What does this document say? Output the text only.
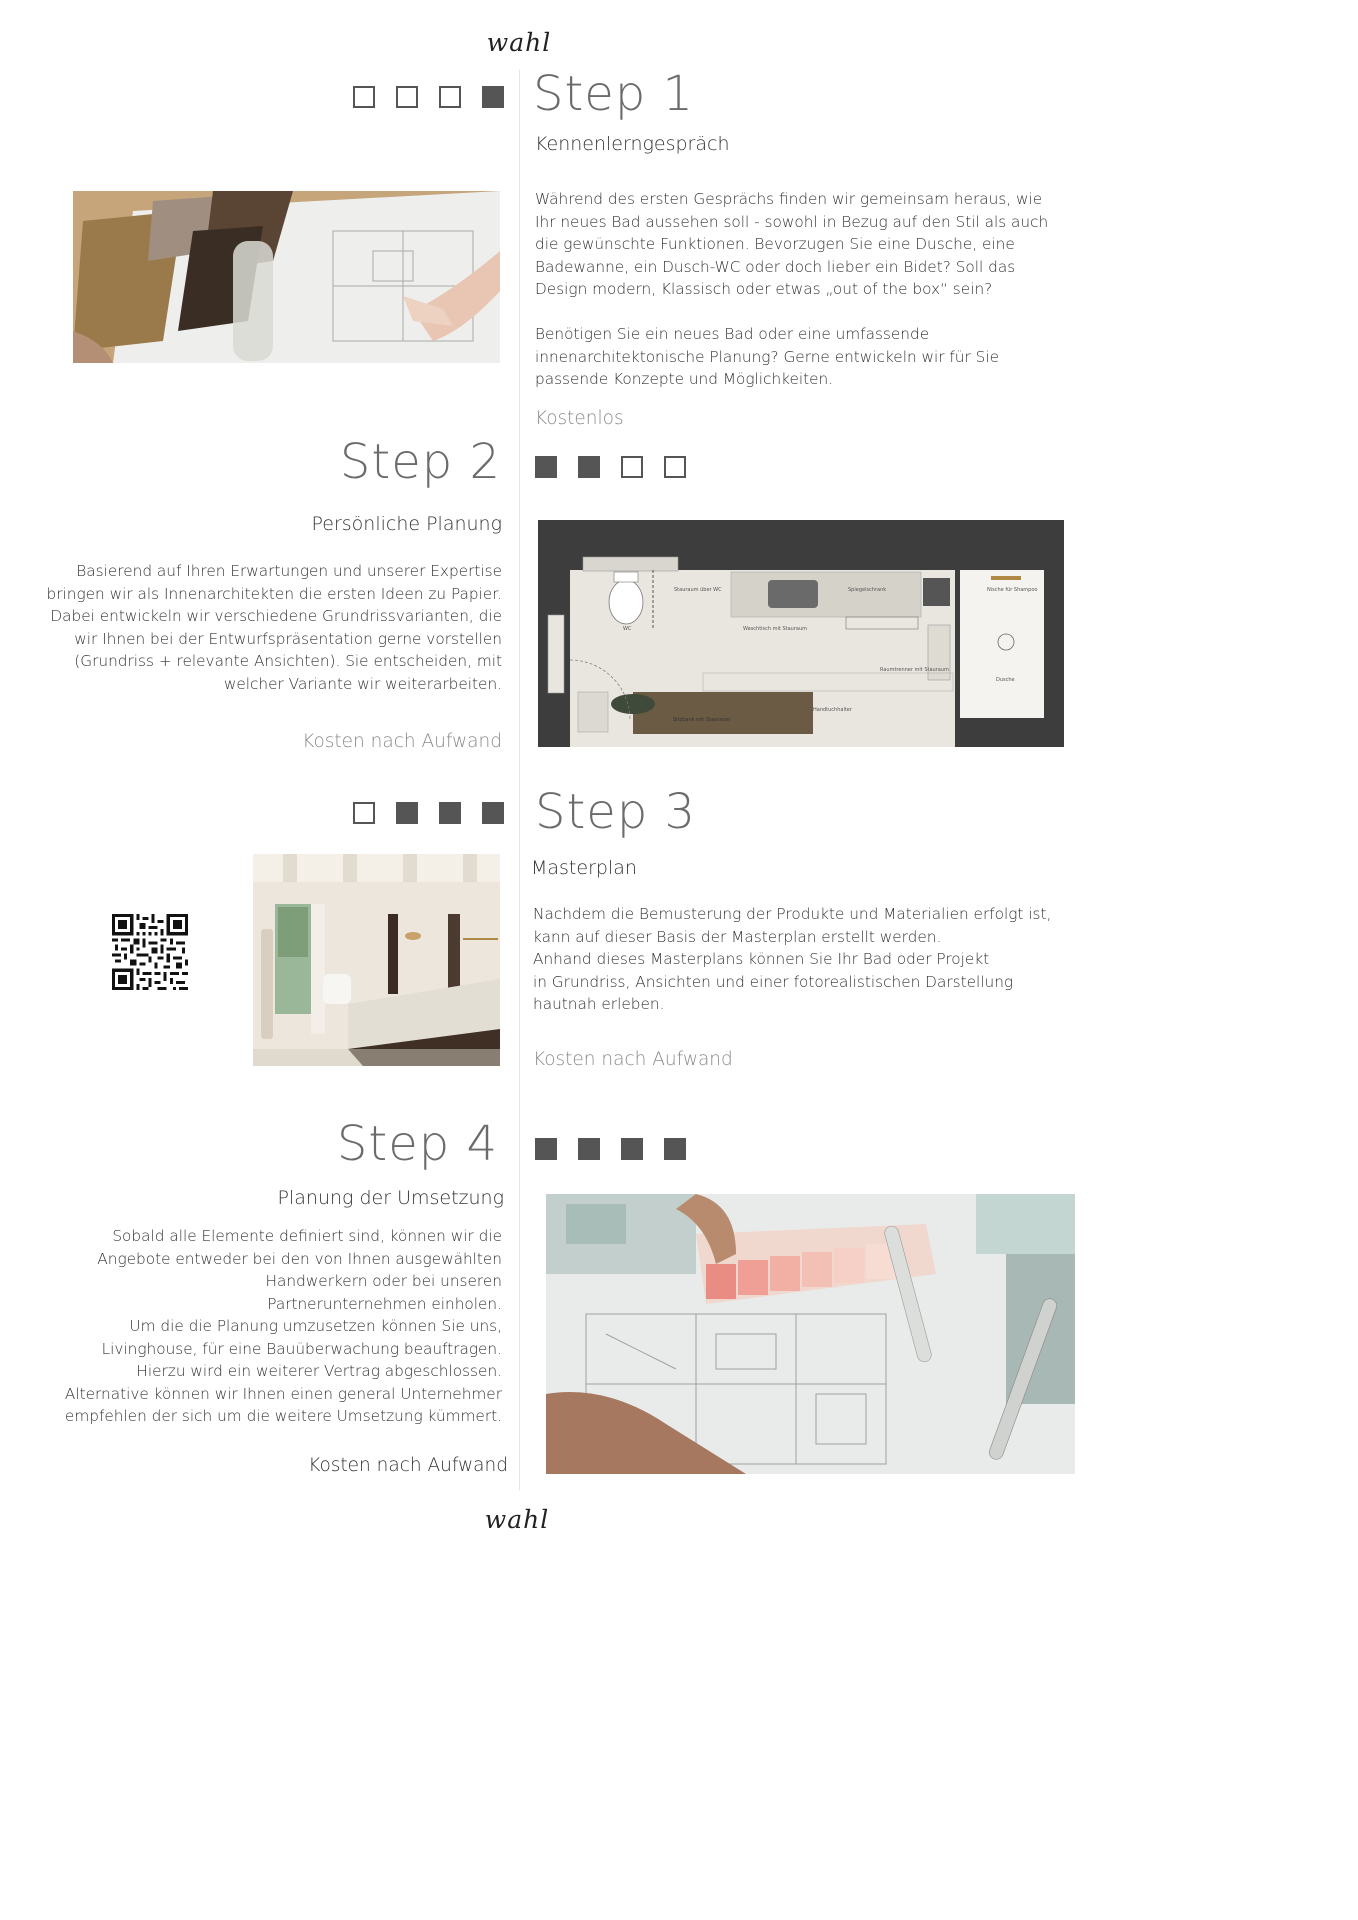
wahl
Step 1
Kennenlerngespräch
Während des ersten Gesprächs finden wir gemeinsam heraus, wie
Ihr neues Bad aussehen soll - sowohl in Bezug auf den Stil als auch
die gewünschte Funktionen. Bevorzugen Sie eine Dusche, eine
Badewanne, ein Dusch-WC oder doch lieber ein Bidet? Soll das
Design modern, Klassisch oder etwas „out of the box“ sein?

Benötigen Sie ein neues Bad oder eine umfassende
innenarchitektonische Planung? Gerne entwickeln wir für Sie
passende Konzepte und Möglichkeiten.
Kostenlos
Step 2
Persönliche Planung
Basierend auf Ihren Erwartungen und unserer Expertise
bringen wir als Innenarchitekten die ersten Ideen zu Papier.
Dabei entwickeln wir verschiedene Grundrissvarianten, die
wir Ihnen bei der Entwurfspräsentation gerne vorstellen
(Grundriss + relevante Ansichten). Sie entscheiden, mit
welcher Variante wir weiterarbeiten.
Kosten nach Aufwand
WC
Stauraum über WC	Spiegelschrank
Waschtisch mit Stauraum
Nische für Shampoo
Raumtrenner mit Stauraum
Dusche
Handtuchhalter
Sitzbank mit Stauraum
Step 3
Masterplan
Nachdem die Bemusterung der Produkte und Materialien erfolgt ist,
kann auf dieser Basis der Masterplan erstellt werden.
Anhand dieses Masterplans können Sie Ihr Bad oder Projekt
in Grundriss, Ansichten und einer fotorealistischen Darstellung
hautnah erleben.
Kosten nach Aufwand
Step 4
Planung der Umsetzung
Sobald alle Elemente definiert sind, können wir die
Angebote entweder bei den von Ihnen ausgewählten
Handwerkern oder bei unseren
Partnerunternehmen einholen.
Um die die Planung umzusetzen können Sie uns,
Livinghouse, für eine Bauüberwachung beauftragen.
Hierzu wird ein weiterer Vertrag abgeschlossen.
Alternative können wir Ihnen einen general Unternehmer
empfehlen der sich um die weitere Umsetzung kümmert.
Kosten nach Aufwand
wahl
